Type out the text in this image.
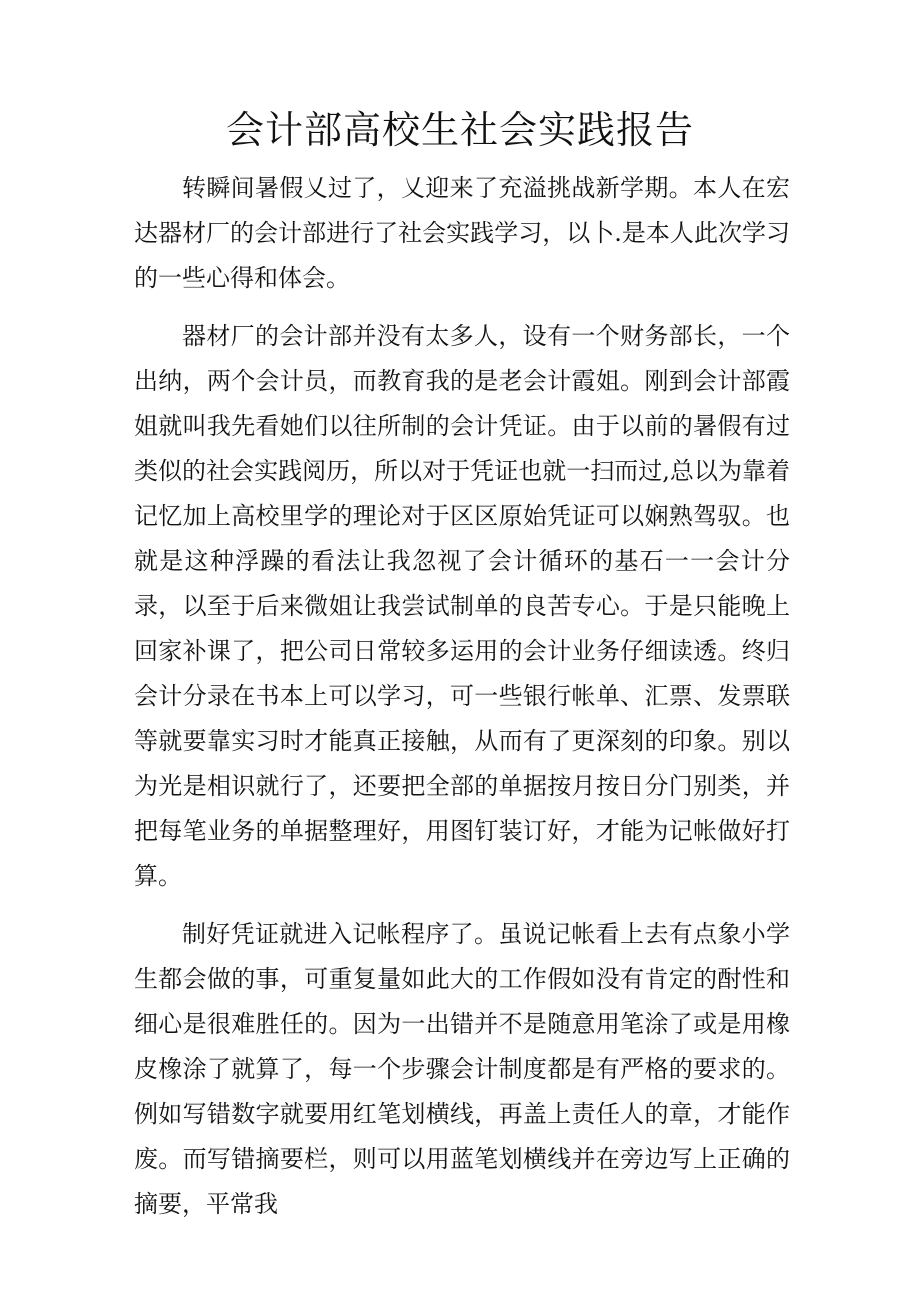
会计部高校生社会实践报告

转瞬间暑假乂过了，乂迎来了充溢挑战新学期。本人在宏达器材厂的会计部进行了社会实践学习，以卜.是本人此次学习的一些心得和体会。

器材厂的会计部并没有太多人，设有一个财务部长，一个出纳，两个会计员，而教育我的是老会计霞姐。刚到会计部霞姐就叫我先看她们以往所制的会计凭证。由于以前的暑假有过类似的社会实践阅历，所以对于凭证也就一扫而过,总以为靠着记忆加上高校里学的理论对于区区原始凭证可以娴熟驾驭。也就是这种浮躁的看法让我忽视了会计循环的基石一一会计分录，以至于后来微姐让我尝试制单的良苦专心。于是只能晚上回家补课了，把公司日常较多运用的会计业务仔细读透。终归会计分录在书本上可以学习，可一些银行帐单、汇票、发票联等就要靠实习时才能真正接触，从而有了更深刻的印象。别以为光是相识就行了，还要把全部的单据按月按日分门别类，并把每笔业务的单据整理好，用图钉装订好，才能为记帐做好打算。

制好凭证就进入记帐程序了。虽说记帐看上去有点象小学生都会做的事，可重复量如此大的工作假如没有肯定的酎性和细心是很难胜任的。因为一出错并不是随意用笔涂了或是用橡皮橡涂了就算了，每一个步骤会计制度都是有严格的要求的。例如写错数字就要用红笔划横线，再盖上责任人的章，才能作废。而写错摘要栏，则可以用蓝笔划横线并在旁边写上正确的摘要，平常我
